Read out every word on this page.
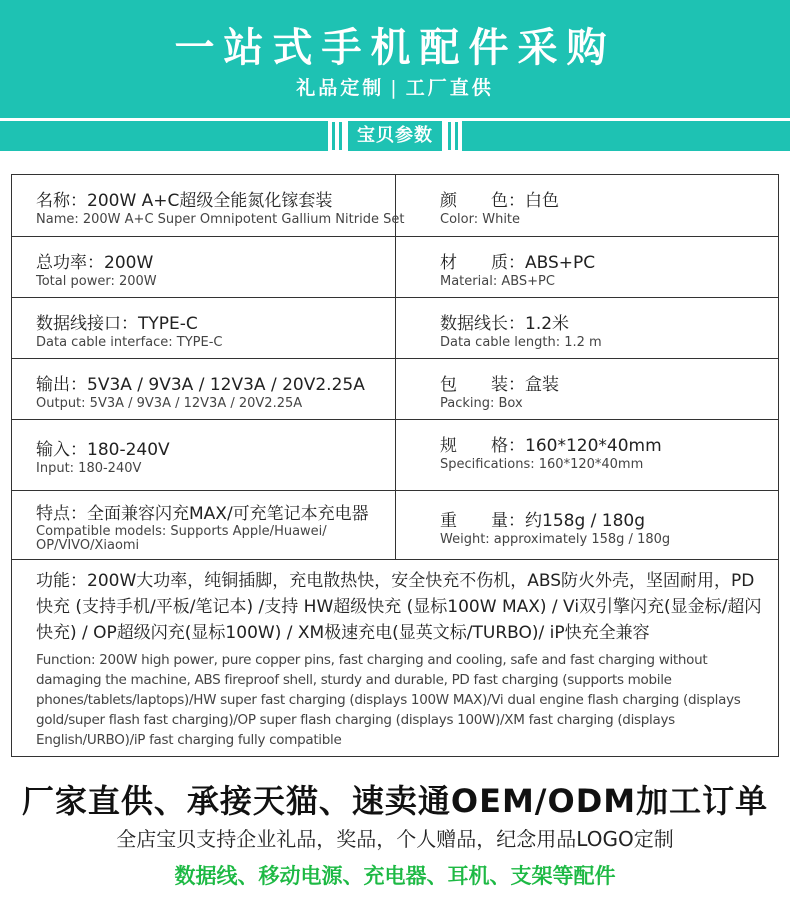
一站式手机配件采购
礼品定制 | 工厂直供
宝贝参数
名称：200W A+C超级全能氮化镓套装
Name: 200W A+C Super Omnipotent Gallium Nitride Set
颜　　色：白色
Color: White
总功率：200W
Total power: 200W
材　　质：ABS+PC
Material: ABS+PC
数据线接口：TYPE-C
Data cable interface: TYPE-C
数据线长：1.2米
Data cable length: 1.2 m
输出：5V3A / 9V3A / 12V3A / 20V2.25A
Output: 5V3A / 9V3A / 12V3A / 20V2.25A
包　　装：盒装
Packing: Box
输入：180-240V
Input: 180-240V
规　　格：160*120*40mm
Specifications: 160*120*40mm
特点：全面兼容闪充MAX/可充笔记本充电器
Compatible models: Supports Apple/Huawei/ OP/VIVO/Xiaomi
重　　量：约158g / 180g
Weight: approximately 158g / 180g
功能：200W大功率，纯铜插脚，充电散热快，安全快充不伤机，ABS防火外壳，坚固耐用，PD快充 (支持手机/平板/笔记本) /支持 HW超级快充 (显标100W MAX) / Vi双引擎闪充(显金标/超闪快充) / OP超级闪充(显标100W) / XM极速充电(显英文标/TURBO)/ iP快充全兼容
Function: 200W high power, pure copper pins, fast charging and cooling, safe and fast charging without damaging the machine, ABS fireproof shell, sturdy and durable, PD fast charging (supports mobile phones/tablets/laptops)/HW super fast charging (displays 100W MAX)/Vi dual engine flash charging (displays gold/super flash fast charging)/OP super flash charging (displays 100W)/XM fast charging (displays English/URBO)/iP fast charging fully compatible
厂家直供、承接天猫、速卖通OEM/ODM加工订单
全店宝贝支持企业礼品，奖品，个人赠品，纪念用品LOGO定制
数据线、移动电源、充电器、耳机、支架等配件
